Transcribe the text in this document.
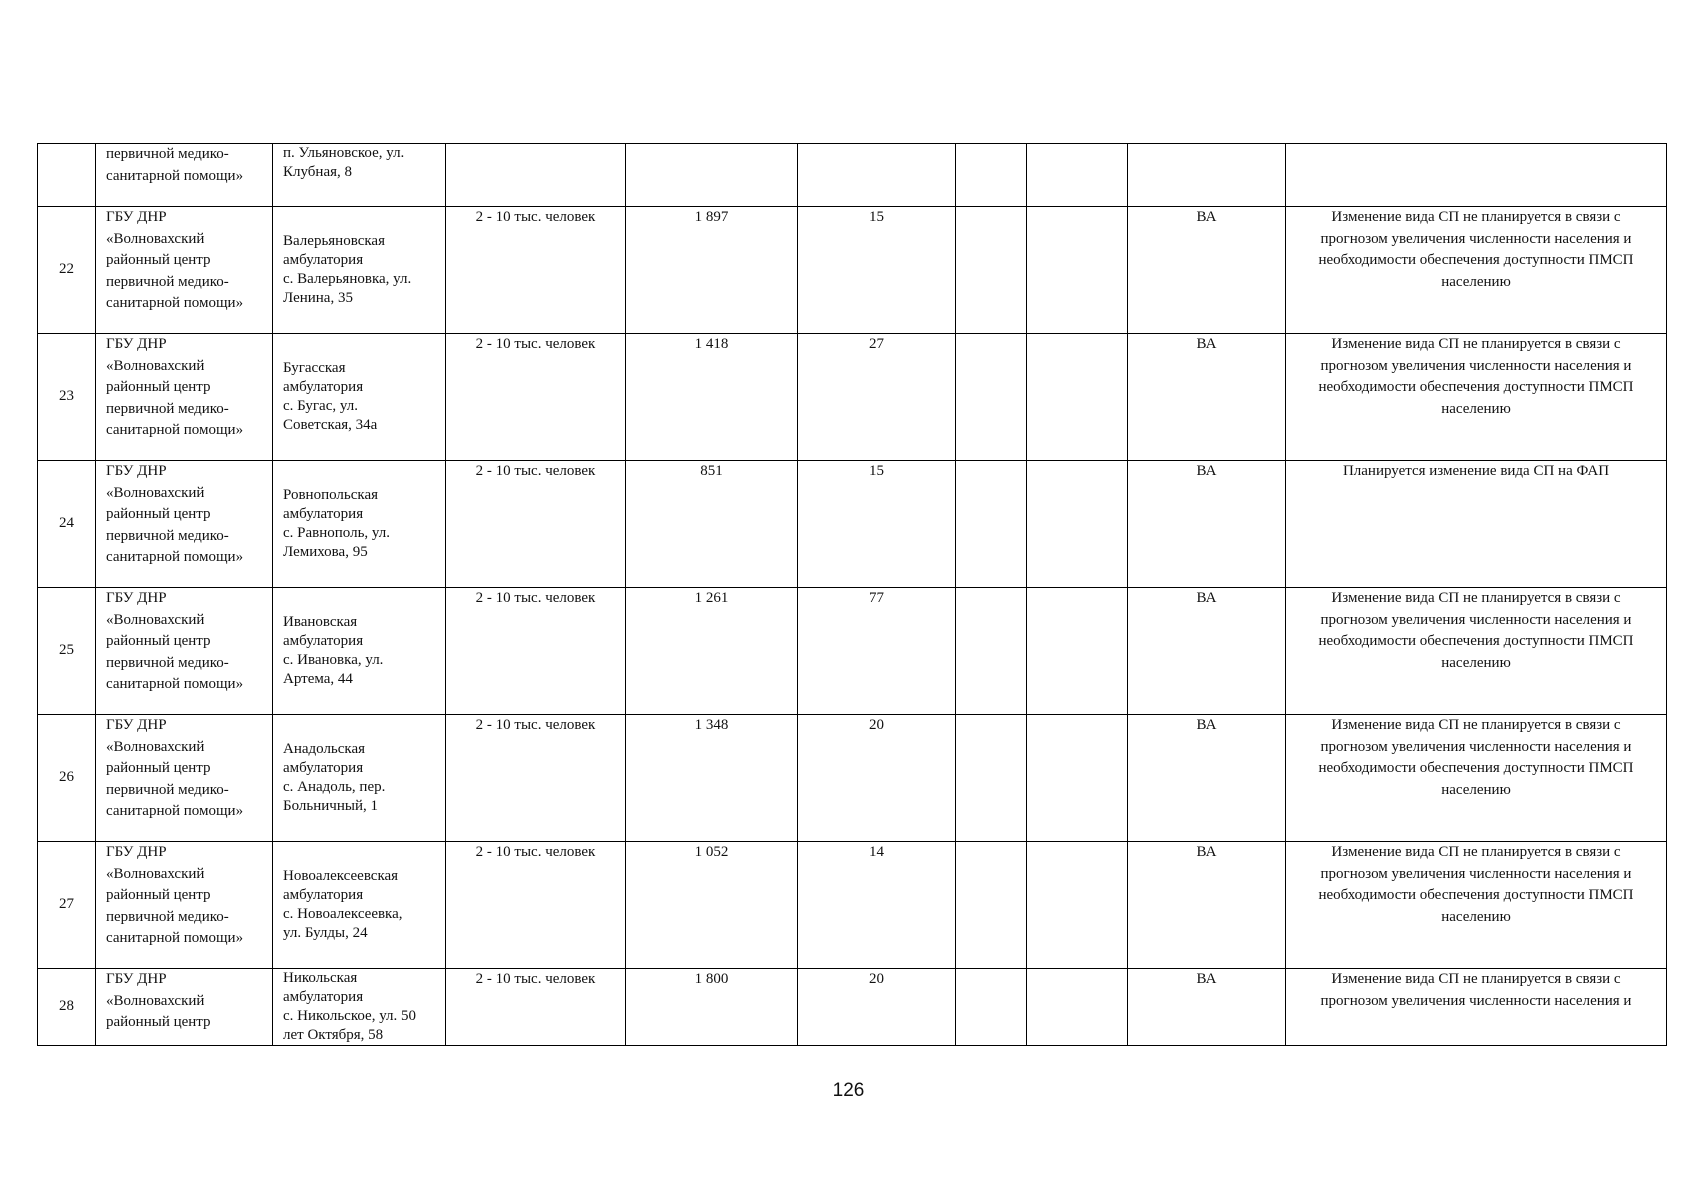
	первичной медико-
санитарной помощи»	п. Ульяновское, ул.
Клубная, 8							

22	ГБУ ДНР
«Волновахский
районный центр
первичной медико-
санитарной помощи»	Валерьяновская
амбулатория
с. Валерьяновка, ул.
Ленина, 35	2 - 10 тыс. человек	1 897	15			ВА	Изменение вида СП не планируется в связи с прогнозом увеличения численности населения и необходимости обеспечения доступности ПМСП населению
23	ГБУ ДНР
«Волновахский
районный центр
первичной медико-
санитарной помощи»	Бугасская
амбулатория
с. Бугас, ул.
Советская, 34а	2 - 10 тыс. человек	1 418	27			ВА	Изменение вида СП не планируется в связи с прогнозом увеличения численности населения и необходимости обеспечения доступности ПМСП населению
24	ГБУ ДНР
«Волновахский
районный центр
первичной медико-
санитарной помощи»	Ровнопольская
амбулатория
с. Равнополь, ул.
Лемихова, 95	2 - 10 тыс. человек	851	15			ВА	Планируется изменение вида СП на ФАП
25	ГБУ ДНР
«Волновахский
районный центр
первичной медико-
санитарной помощи»	Ивановская
амбулатория
с. Ивановка, ул.
Артема, 44	2 - 10 тыс. человек	1 261	77			ВА	Изменение вида СП не планируется в связи с прогнозом увеличения численности населения и необходимости обеспечения доступности ПМСП населению
26	ГБУ ДНР
«Волновахский
районный центр
первичной медико-
санитарной помощи»	Анадольская
амбулатория
с. Анадоль, пер.
Больничный, 1	2 - 10 тыс. человек	1 348	20			ВА	Изменение вида СП не планируется в связи с прогнозом увеличения численности населения и необходимости обеспечения доступности ПМСП населению
27	ГБУ ДНР
«Волновахский
районный центр
первичной медико-
санитарной помощи»	Новоалексеевская
амбулатория
с. Новоалексеевка,
ул. Булды, 24	2 - 10 тыс. человек	1 052	14			ВА	Изменение вида СП не планируется в связи с прогнозом увеличения численности населения и необходимости обеспечения доступности ПМСП населению
28	ГБУ ДНР
«Волновахский
районный центр	Никольская
амбулатория
с. Никольское, ул. 50
лет Октября, 58	2 - 10 тыс. человек	1 800	20			ВА	Изменение вида СП не планируется в связи с прогнозом увеличения численности населения и
126
